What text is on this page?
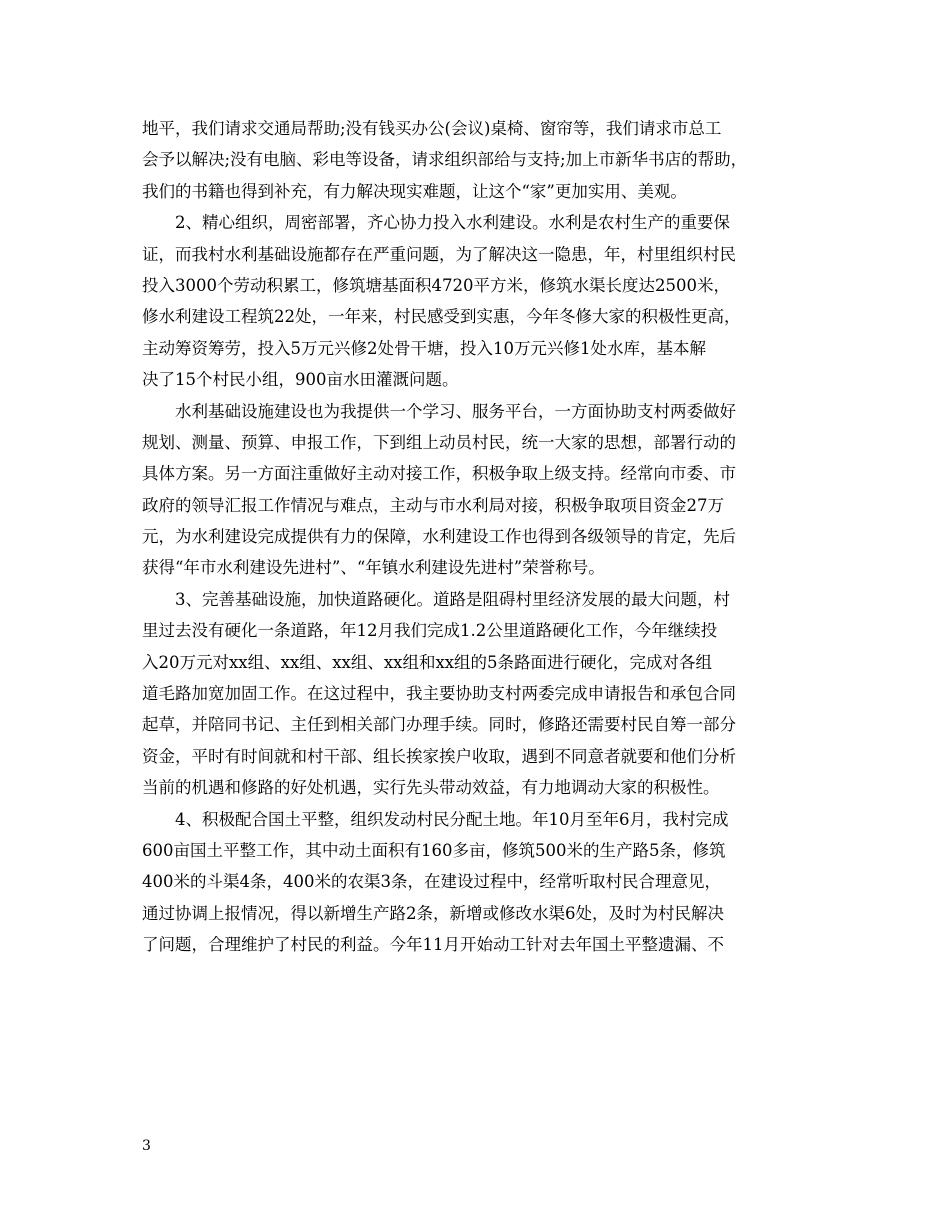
地平，我们请求交通局帮助;没有钱买办公(会议)桌椅、窗帘等，我们请求市总工
会予以解决;没有电脑、彩电等设备，请求组织部给与支持;加上市新华书店的帮助，
我们的书籍也得到补充，有力解决现实难题，让这个“家”更加实用、美观。
2、精心组织，周密部署，齐心协力投入水利建设。水利是农村生产的重要保
证，而我村水利基础设施都存在严重问题，为了解决这一隐患，年，村里组织村民
投入3000个劳动积累工，修筑塘基面积4720平方米，修筑水渠长度达2500米，
修水利建设工程筑22处，一年来，村民感受到实惠，今年冬修大家的积极性更高，
主动筹资筹劳，投入5万元兴修2处骨干塘，投入10万元兴修1处水库，基本解
决了15个村民小组，900亩水田灌溉问题。
水利基础设施建设也为我提供一个学习、服务平台，一方面协助支村两委做好
规划、测量、预算、申报工作，下到组上动员村民，统一大家的思想，部署行动的
具体方案。另一方面注重做好主动对接工作，积极争取上级支持。经常向市委、市
政府的领导汇报工作情况与难点，主动与市水利局对接，积极争取项目资金27万
元，为水利建设完成提供有力的保障，水利建设工作也得到各级领导的肯定，先后
获得“年市水利建设先进村”、“年镇水利建设先进村”荣誉称号。
3、完善基础设施，加快道路硬化。道路是阻碍村里经济发展的最大问题，村
里过去没有硬化一条道路，年12月我们完成1.2公里道路硬化工作，今年继续投
入20万元对xx组、xx组、xx组、xx组和xx组的5条路面进行硬化，完成对各组
道毛路加宽加固工作。在这过程中，我主要协助支村两委完成申请报告和承包合同
起草，并陪同书记、主任到相关部门办理手续。同时，修路还需要村民自筹一部分
资金，平时有时间就和村干部、组长挨家挨户收取，遇到不同意者就要和他们分析
当前的机遇和修路的好处机遇，实行先头带动效益，有力地调动大家的积极性。
4、积极配合国土平整，组织发动村民分配土地。年10月至年6月，我村完成
600亩国土平整工作，其中动土面积有160多亩，修筑500米的生产路5条，修筑
400米的斗渠4条，400米的农渠3条，在建设过程中，经常听取村民合理意见，
通过协调上报情况，得以新增生产路2条，新增或修改水渠6处，及时为村民解决
了问题，合理维护了村民的利益。今年11月开始动工针对去年国土平整遗漏、不
3
